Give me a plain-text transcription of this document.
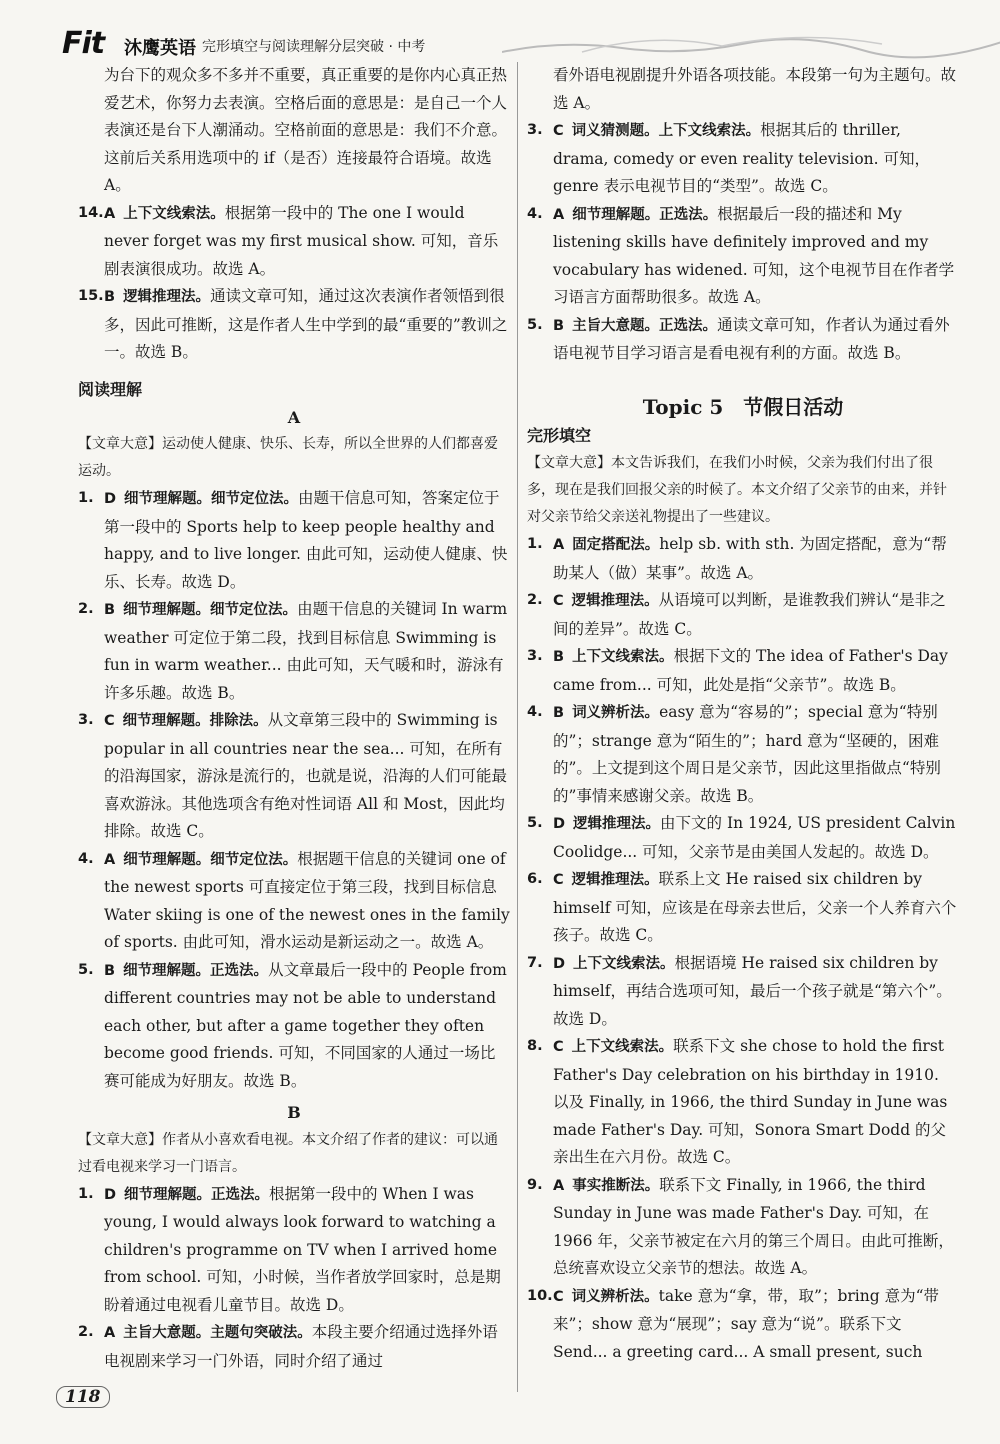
Fit 沐鹰英语 完形填空与阅读理解分层突破 · 中考

为台下的观众多不多并不重要，真正重要的是你内心真正热爱艺术，你努力去表演。空格后面的意思是：是自己一个人表演还是台下人潮涌动。空格前面的意思是：我们不介意。这前后关系用选项中的 if（是否）连接最符合语境。故选 A。

14. A 上下文线索法。根据第一段中的 The one I would never forget was my first musical show. 可知，音乐剧表演很成功。故选 A。

15. B 逻辑推理法。通读文章可知，通过这次表演作者领悟到很多，因此可推断，这是作者人生中学到的最“重要的”教训之一。故选 B。

阅读理解
A

【文章大意】运动使人健康、快乐、长寿，所以全世界的人们都喜爱运动。

1. D 细节理解题。细节定位法。由题干信息可知，答案定位于第一段中的 Sports help to keep people healthy and happy, and to live longer. 由此可知，运动使人健康、快乐、长寿。故选 D。

2. B 细节理解题。细节定位法。由题干信息的关键词 In warm weather 可定位于第二段，找到目标信息 Swimming is fun in warm weather... 由此可知，天气暖和时，游泳有许多乐趣。故选 B。

3. C 细节理解题。排除法。从文章第三段中的 Swimming is popular in all countries near the sea... 可知，在所有的沿海国家，游泳是流行的，也就是说，沿海的人们可能最喜欢游泳。其他选项含有绝对性词语 All 和 Most，因此均排除。故选 C。

4. A 细节理解题。细节定位法。根据题干信息的关键词 one of the newest sports 可直接定位于第三段，找到目标信息 Water skiing is one of the newest ones in the family of sports. 由此可知，滑水运动是新运动之一。故选 A。

5. B 细节理解题。正选法。从文章最后一段中的 People from different countries may not be able to understand each other, but after a game together they often become good friends. 可知，不同国家的人通过一场比赛可能成为好朋友。故选 B。

B

【文章大意】作者从小喜欢看电视。本文介绍了作者的建议：可以通过看电视来学习一门语言。

1. D 细节理解题。正选法。根据第一段中的 When I was young, I would always look forward to watching a children's programme on TV when I arrived home from school. 可知，小时候，当作者放学回家时，总是期盼着通过电视看儿童节目。故选 D。

2. A 主旨大意题。主题句突破法。本段主要介绍通过选择外语电视剧来学习一门外语，同时介绍了通过

看外语电视剧提升外语各项技能。本段第一句为主题句。故选 A。

3. C 词义猜测题。上下文线索法。根据其后的 thriller, drama, comedy or even reality television. 可知，genre 表示电视节目的“类型”。故选 C。

4. A 细节理解题。正选法。根据最后一段的描述和 My listening skills have definitely improved and my vocabulary has widened. 可知，这个电视节目在作者学习语言方面帮助很多。故选 A。

5. B 主旨大意题。正选法。通读文章可知，作者认为通过看外语电视节目学习语言是看电视有利的方面。故选 B。

Topic 5　节假日活动
完形填空

【文章大意】本文告诉我们，在我们小时候，父亲为我们付出了很多，现在是我们回报父亲的时候了。本文介绍了父亲节的由来，并针对父亲节给父亲送礼物提出了一些建议。

1. A 固定搭配法。help sb. with sth. 为固定搭配，意为“帮助某人（做）某事”。故选 A。

2. C 逻辑推理法。从语境可以判断，是谁教我们辨认“是非之间的差异”。故选 C。

3. B 上下文线索法。根据下文的 The idea of Father's Day came from... 可知，此处是指“父亲节”。故选 B。

4. B 词义辨析法。easy 意为“容易的”；special 意为“特别的”；strange 意为“陌生的”；hard 意为“坚硬的，困难的”。上文提到这个周日是父亲节，因此这里指做点“特别的”事情来感谢父亲。故选 B。

5. D 逻辑推理法。由下文的 In 1924, US president Calvin Coolidge... 可知，父亲节是由美国人发起的。故选 D。

6. C 逻辑推理法。联系上文 He raised six children by himself 可知，应该是在母亲去世后，父亲一个人养育六个孩子。故选 C。

7. D 上下文线索法。根据语境 He raised six children by himself，再结合选项可知，最后一个孩子就是“第六个”。故选 D。

8. C 上下文线索法。联系下文 she chose to hold the first Father's Day celebration on his birthday in 1910. 以及 Finally, in 1966, the third Sunday in June was made Father's Day. 可知，Sonora Smart Dodd 的父亲出生在六月份。故选 C。

9. A 事实推断法。联系下文 Finally, in 1966, the third Sunday in June was made Father's Day. 可知，在 1966 年，父亲节被定在六月的第三个周日。由此可推断，总统喜欢设立父亲节的想法。故选 A。

10. C 词义辨析法。take 意为“拿，带，取”；bring 意为“带来”；show 意为“展现”；say 意为“说”。联系下文 Send... a greeting card... A small present, such

118
